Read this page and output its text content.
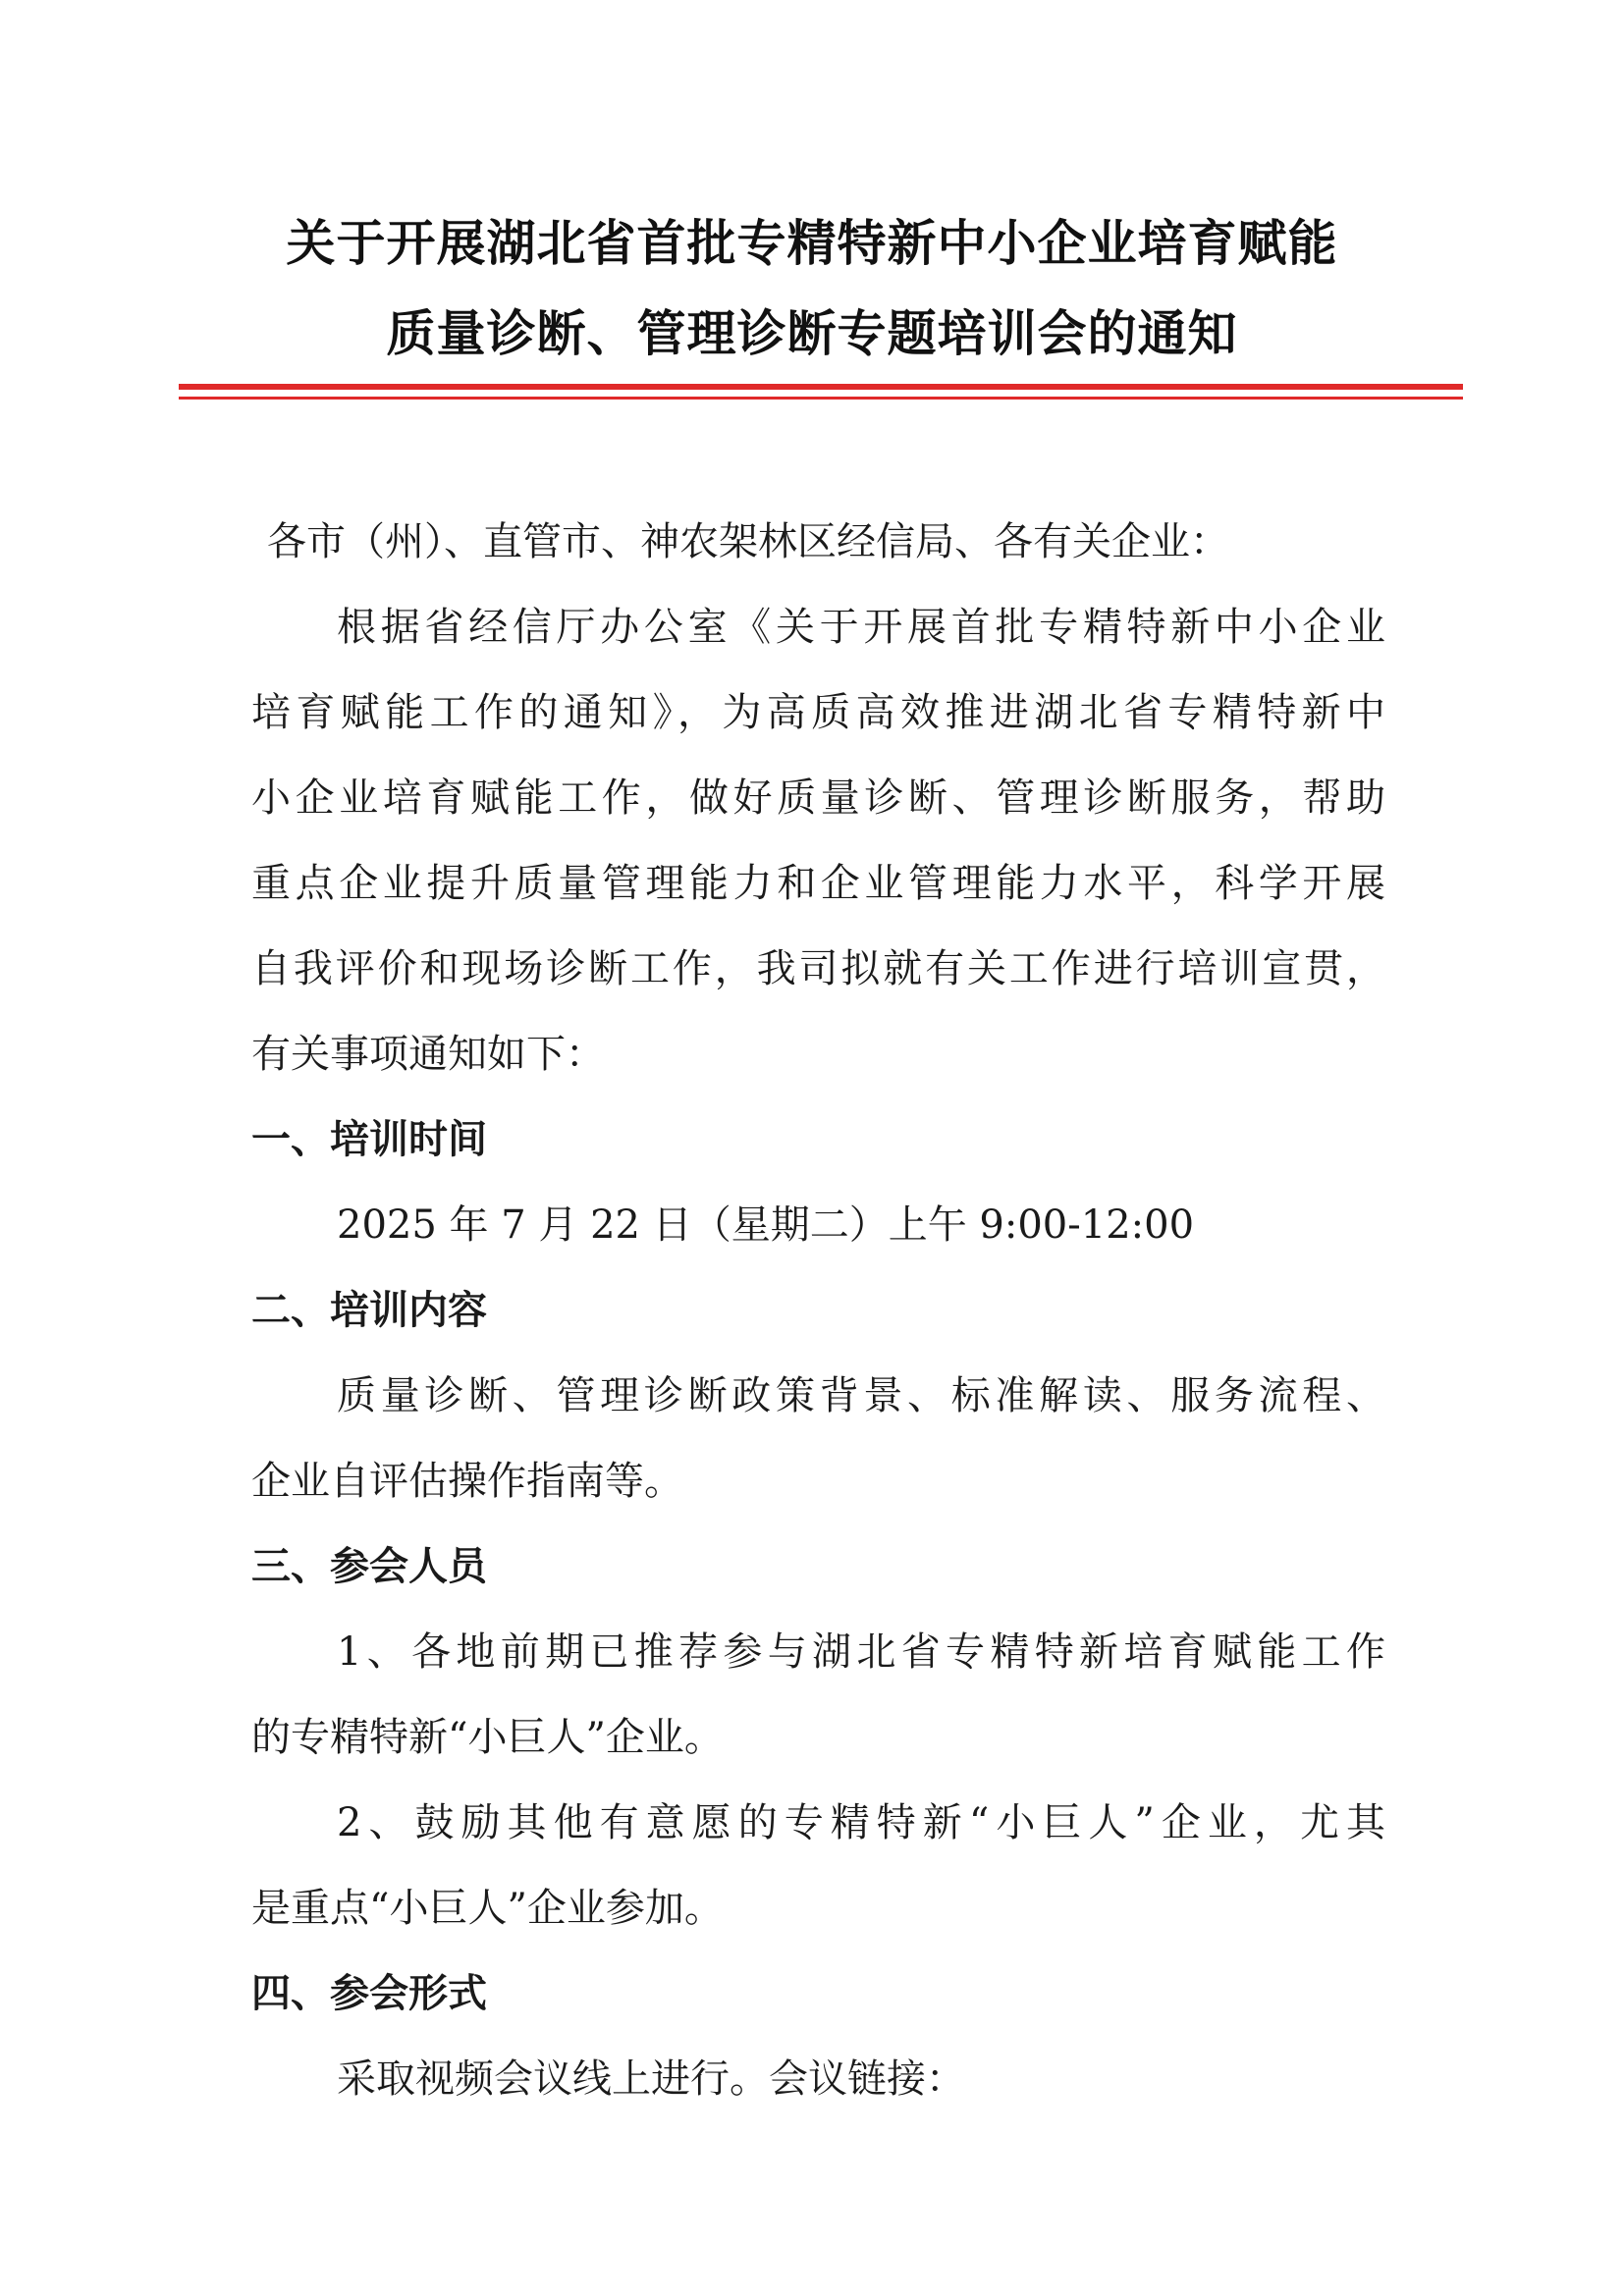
关于开展湖北省首批专精特新中小企业培育赋能
质量诊断、管理诊断专题培训会的通知
各市（州）、直管市、神农架林区经信局、各有关企业：
根据省经信厅办公室《关于开展首批专精特新中小企业
培育赋能工作的通知》，为高质高效推进湖北省专精特新中
小企业培育赋能工作，做好质量诊断、管理诊断服务，帮助
重点企业提升质量管理能力和企业管理能力水平，科学开展
自我评价和现场诊断工作，我司拟就有关工作进行培训宣贯，
有关事项通知如下：
一、培训时间
2025 年 7 月 22 日（星期二）上午 9:00-12:00
二、培训内容
质量诊断、管理诊断政策背景、标准解读、服务流程、
企业自评估操作指南等。
三、参会人员
1、各地前期已推荐参与湖北省专精特新培育赋能工作
的专精特新“小巨人”企业。
2、鼓励其他有意愿的专精特新“小巨人”企业，尤其
是重点“小巨人”企业参加。
四、参会形式
采取视频会议线上进行。会议链接：
